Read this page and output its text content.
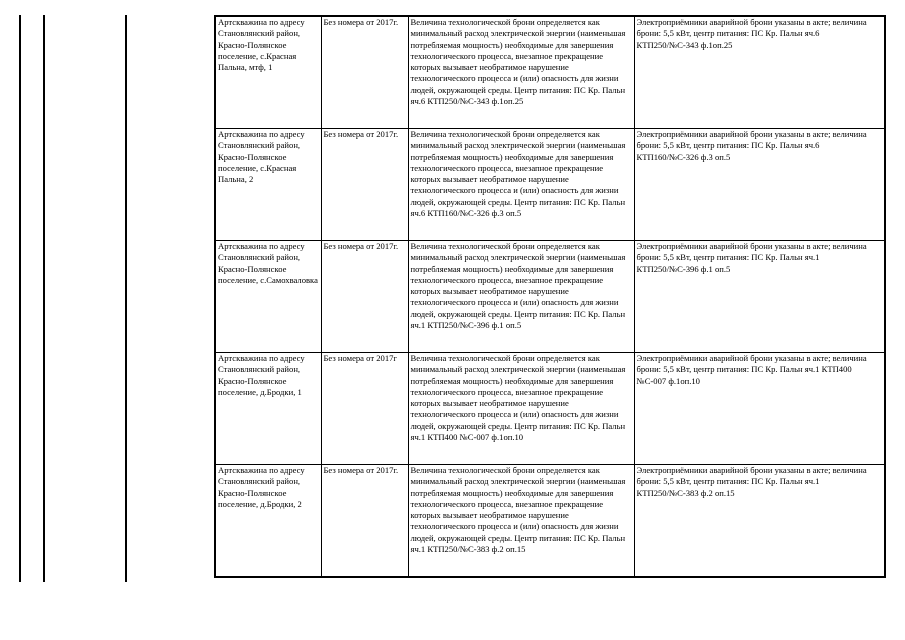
Артскважина по адресу Становлянский район, Красно-Полянское поселение, с.Красная Пальна, мтф, 1	Без номера от 2017г.	Величина технологической брони определяется как минимальный расход электрической энергии (наименьшая потребляемая мощность) необходимые для завершения технологического процесса, внезапное прекращение которых вызывает необратимое нарушение технологического процесса и (или) опасность для жизни людей, окружающей среды. Центр питания: ПС Кр. Пальн яч.6 КТП250/№С-343 ф.1оп.25	Электроприёмники аварийной брони указаны в акте; величина брони: 5,5 кВт, центр питания: ПС Кр. Пальн яч.6 КТП250/№С-343 ф.1оп.25
Артскважина по адресу Становлянский район, Красно-Полянское поселение, с.Красная Пальна, 2	Без номера от 2017г.	Величина технологической брони определяется как минимальный расход электрической энергии (наименьшая потребляемая мощность) необходимые для завершения технологического процесса, внезапное прекращение которых вызывает необратимое нарушение технологического процесса и (или) опасность для жизни людей, окружающей среды. Центр питания: ПС Кр. Пальн яч.6 КТП160/№С-326 ф.3 оп.5	Электроприёмники аварийной брони указаны в акте; величина брони: 5,5 кВт, центр питания: ПС Кр. Пальн яч.6 КТП160/№С-326 ф.3 оп.5
Артскважина по адресу Становлянский район, Красно-Полянское поселение, с.Самохваловка	Без номера от 2017г.	Величина технологической брони определяется как минимальный расход электрической энергии (наименьшая потребляемая мощность) необходимые для завершения технологического процесса, внезапное прекращение которых вызывает необратимое нарушение технологического процесса и (или) опасность для жизни людей, окружающей среды. Центр питания: ПС Кр. Пальн яч.1 КТП250/№С-396 ф.1 оп.5	Электроприёмники аварийной брони указаны в акте; величина брони: 5,5 кВт, центр питания: ПС Кр. Пальн яч.1 КТП250/№С-396 ф.1 оп.5
Артскважина по адресу Становлянский район, Красно-Полянское поселение, д.Бродки, 1	Без номера от 2017г	Величина технологической брони определяется как минимальный расход электрической энергии (наименьшая потребляемая мощность) необходимые для завершения технологического процесса, внезапное прекращение которых вызывает необратимое нарушение технологического процесса и (или) опасность для жизни людей, окружающей среды. Центр питания: ПС Кр. Пальн яч.1 КТП400 №С-007 ф.1оп.10	Электроприёмники аварийной брони указаны в акте; величина брони: 5,5 кВт, центр питания: ПС Кр. Пальн яч.1 КТП400 №С-007 ф.1оп.10
Артскважина по адресу Становлянский район, Красно-Полянское поселение, д.Бродки, 2	Без номера от 2017г.	Величина технологической брони определяется как минимальный расход электрической энергии (наименьшая потребляемая мощность) необходимые для завершения технологического процесса, внезапное прекращение которых вызывает необратимое нарушение технологического процесса и (или) опасность для жизни людей, окружающей среды. Центр питания: ПС Кр. Пальн яч.1 КТП250/№С-383 ф.2 оп.15	Электроприёмники аварийной брони указаны в акте; величина брони: 5,5 кВт, центр питания: ПС Кр. Пальн яч.1 КТП250/№С-383 ф.2 оп.15
